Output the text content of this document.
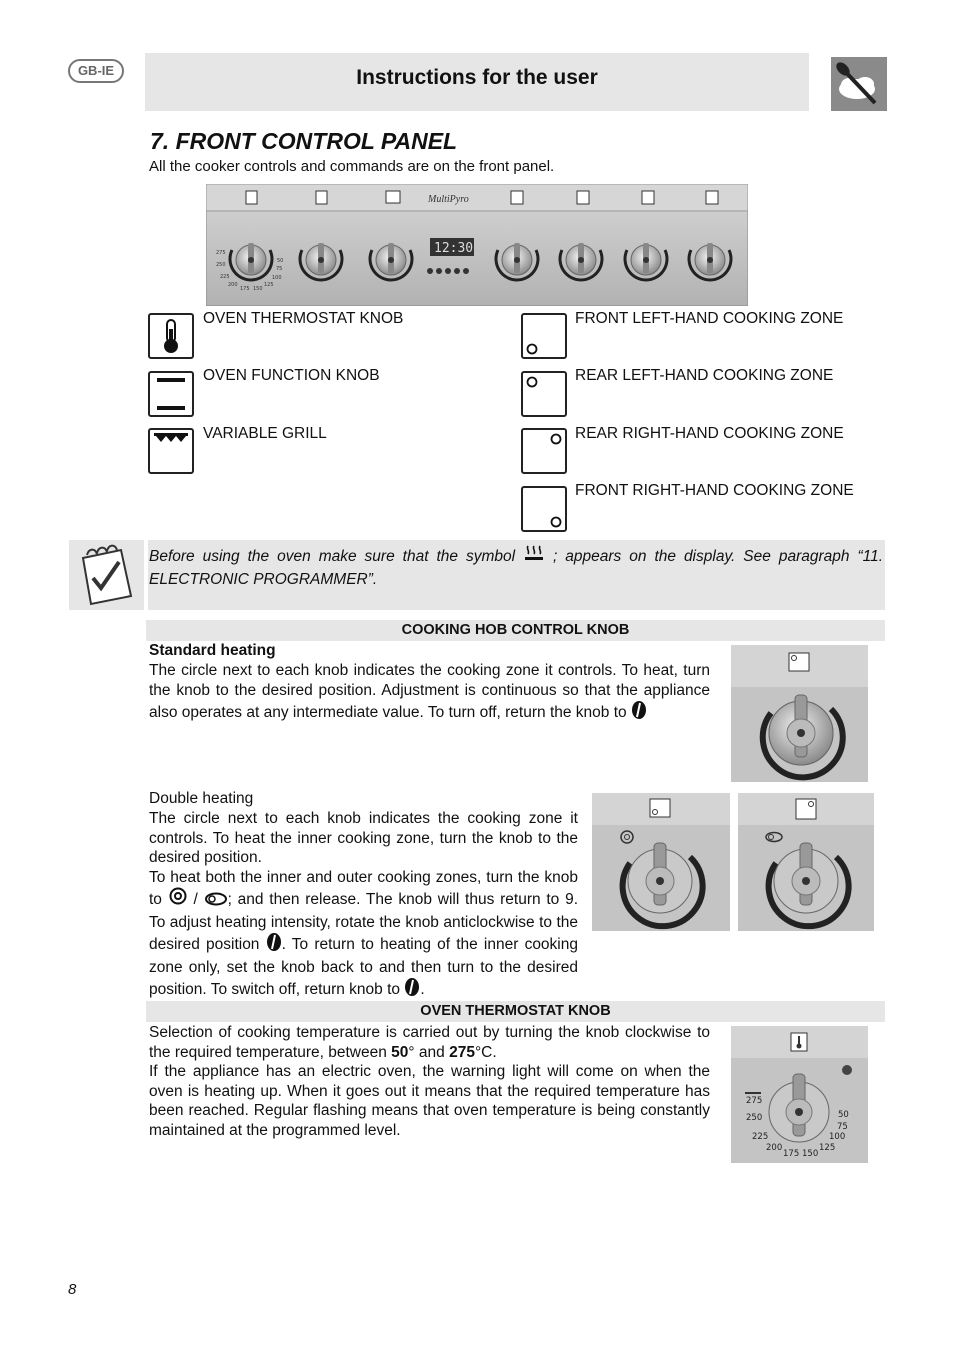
GB-IE	Instructions for the user
7. FRONT CONTROL PANEL
All the cooker controls and commands are on the front panel.
MultiPyro
12:30
275
250
225
200
175 150
125
100
75
50
OVEN THERMOSTAT KNOB
OVEN FUNCTION KNOB
VARIABLE GRILL
FRONT LEFT-HAND COOKING ZONE
REAR LEFT-HAND COOKING ZONE
REAR RIGHT-HAND COOKING ZONE
FRONT RIGHT-HAND COOKING ZONE
Before using the oven make sure that the symbol ; appears on the display. See paragraph “11. ELECTRONIC PROGRAMMER”.
COOKING HOB CONTROL KNOB
Standard heating
The circle next to each knob indicates the cooking zone it controls. To heat, turn the knob to the desired position. Adjustment is continuous so that the appliance also operates at any intermediate value. To turn off, return the knob to
Double heating
The circle next to each knob indicates the cooking zone it controls. To heat the inner cooking zone, turn the knob to the desired position.
To heat both the inner and outer cooking zones, turn the knob to / ; and then release. The knob will thus return to 9. To adjust heating intensity, rotate the knob anticlockwise to the desired position . To return to heating of the inner cooking zone only, set the knob back to and then turn to the desired position. To switch off, return knob to .
OVEN THERMOSTAT KNOB
Selection of cooking temperature is carried out by turning the knob clockwise to the required temperature, between 50° and 275°C.
If the appliance has an electric oven, the warning light will come on when the oven is heating up. When it goes out it means that the required temperature has been reached. Regular flashing means that oven temperature is being constantly maintained at the programmed level.
275
250
225
200
175 150
125
100
75
50
8
